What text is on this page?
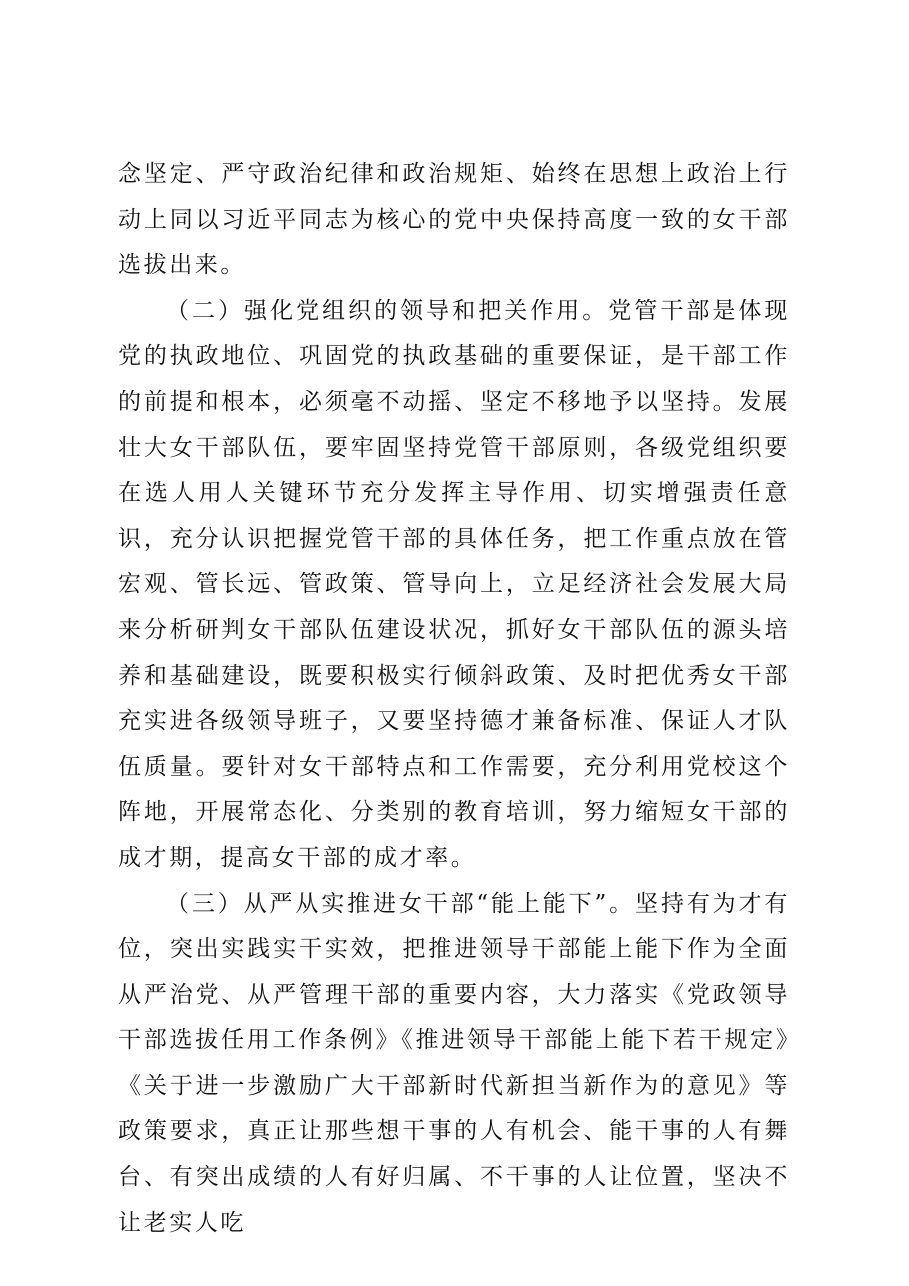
念坚定、严守政治纪律和政治规矩、始终在思想上政治上行动上同以习近平同志为核心的党中央保持高度一致的女干部选拔出来。

（二）强化党组织的领导和把关作用。党管干部是体现党的执政地位、巩固党的执政基础的重要保证，是干部工作的前提和根本，必须毫不动摇、坚定不移地予以坚持。发展壮大女干部队伍，要牢固坚持党管干部原则，各级党组织要在选人用人关键环节充分发挥主导作用、切实增强责任意识，充分认识把握党管干部的具体任务，把工作重点放在管宏观、管长远、管政策、管导向上，立足经济社会发展大局来分析研判女干部队伍建设状况，抓好女干部队伍的源头培养和基础建设，既要积极实行倾斜政策、及时把优秀女干部充实进各级领导班子，又要坚持德才兼备标准、保证人才队伍质量。要针对女干部特点和工作需要，充分利用党校这个阵地，开展常态化、分类别的教育培训，努力缩短女干部的成才期，提高女干部的成才率。

（三）从严从实推进女干部“能上能下”。坚持有为才有位，突出实践实干实效，把推进领导干部能上能下作为全面从严治党、从严管理干部的重要内容，大力落实《党政领导干部选拔任用工作条例》《推进领导干部能上能下若干规定》《关于进一步激励广大干部新时代新担当新作为的意见》等政策要求，真正让那些想干事的人有机会、能干事的人有舞台、有突出成绩的人有好归属、不干事的人让位置，坚决不让老实人吃
